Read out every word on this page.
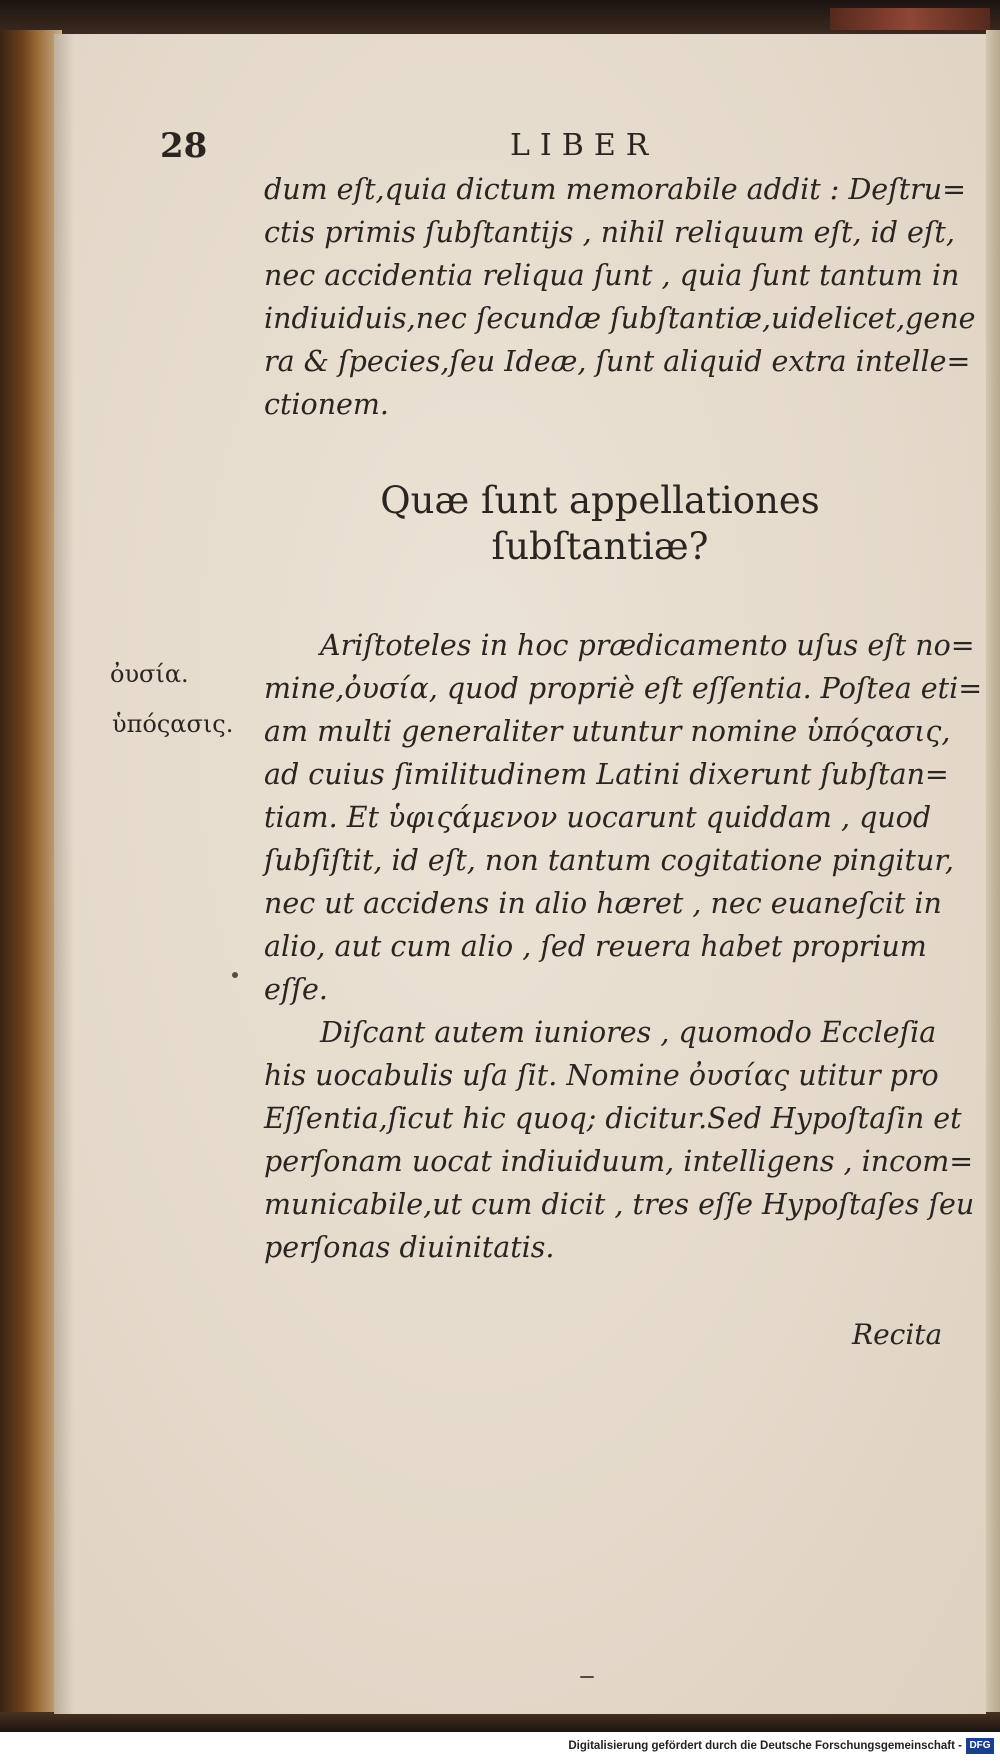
28	LIBER
dum eſt,quia dictum memorabile addit : Deſtru=
ctis primis ſubſtantijs , nihil reliquum eſt, id eſt,
nec accidentia reliqua ſunt , quia ſunt tantum in
indiuiduis,nec ſecundæ ſubſtantiæ,uidelicet,gene
ra & ſpecies,ſeu Ideæ, ſunt aliquid extra intelle=
ctionem.
Quæ ſunt appellationes
ſubſtantiæ?
ὀυσία.
ὑπόςασις.
Ariſtoteles in hoc prædicamento uſus eſt no=
mine,ὀυσία, quod propriè eſt eſſentia. Poſtea eti=
am multi generaliter utuntur nomine ὑπόςασις,
ad cuius ſimilitudinem Latini dixerunt ſubſtan=
tiam. Et ὑφιςάμενον uocarunt quiddam , quod
ſubſiſtit, id eſt, non tantum cogitatione pingitur,
nec ut accidens in alio hæret , nec euaneſcit in
alio, aut cum alio , ſed reuera habet proprium
eſſe.
Diſcant autem iuniores , quomodo Eccleſia
his uocabulis uſa ſit. Nomine ὀυσίας utitur pro
Eſſentia,ſicut hic quoq; dicitur.Sed Hypoſtaſin et
perſonam uocat indiuiduum, intelligens , incom=
municabile,ut cum dicit , tres eſſe Hypoſtaſes ſeu
perſonas diuinitatis.
Recita
Digitalisierung gefördert durch die Deutsche Forschungsgemeinschaft - DFG
